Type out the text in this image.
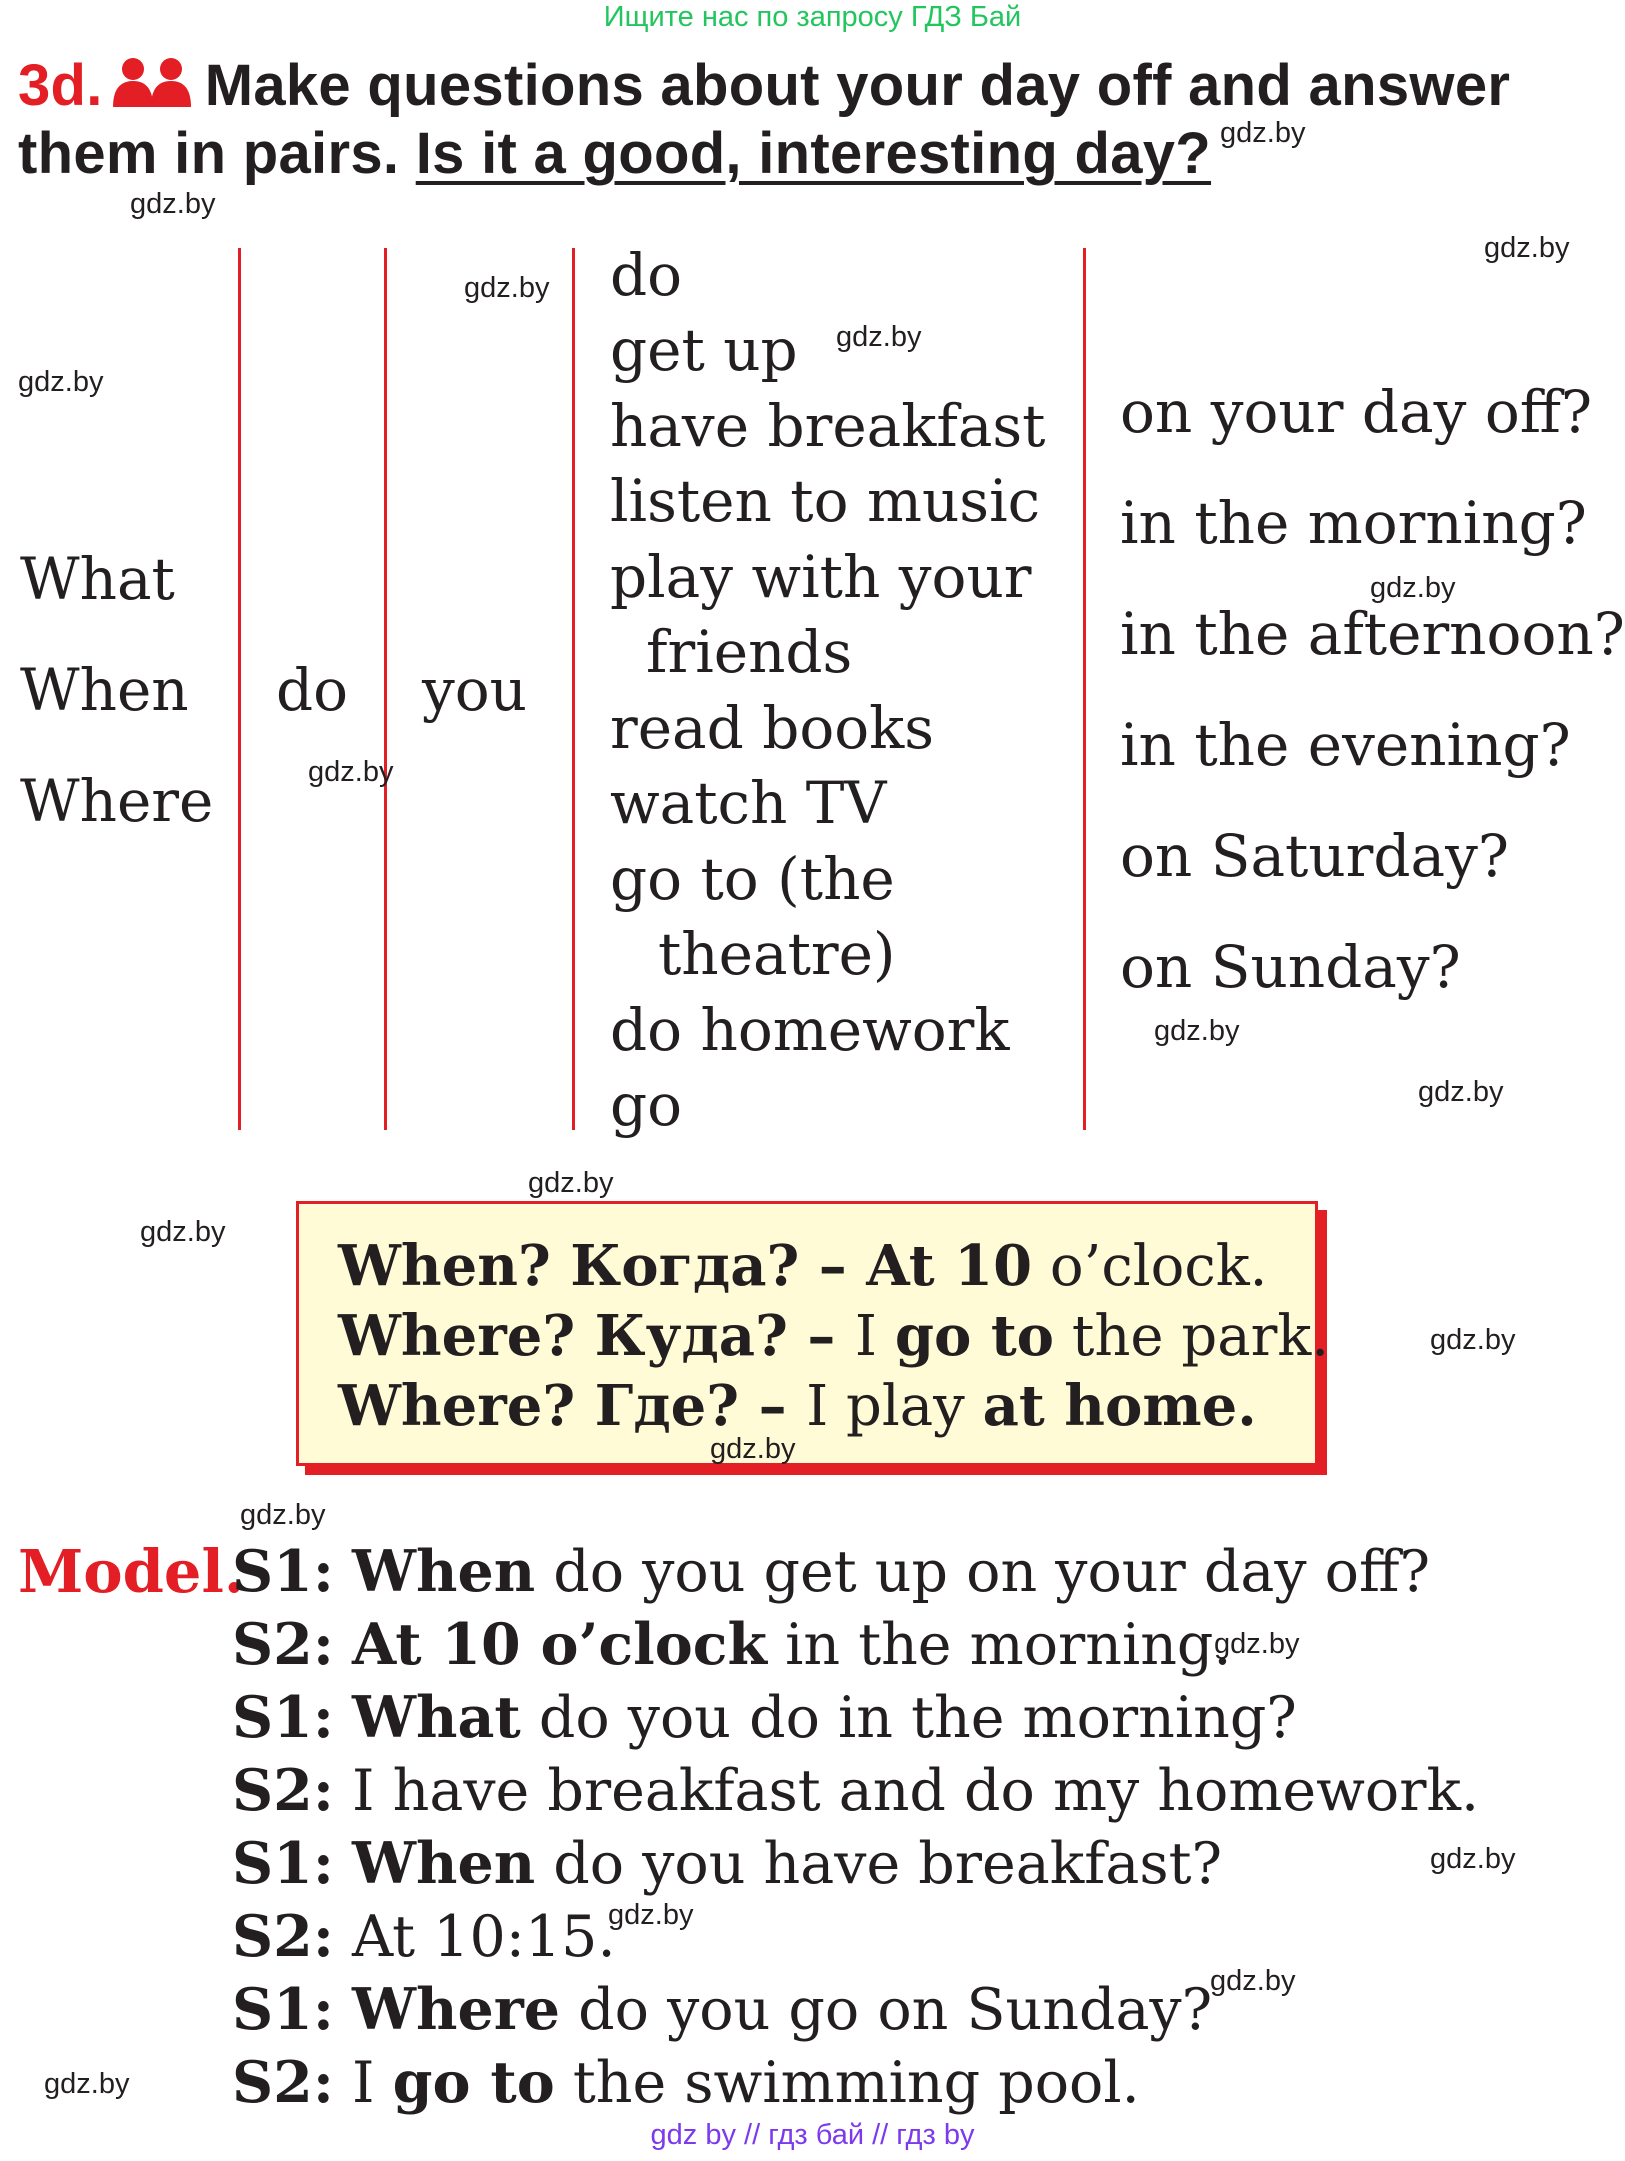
Ищите нас по запросу ГДЗ Бай
3d. Make questions about your day off and answer
them in pairs. Is it a good, interesting day?
What
When
Where
do you
do
get up
have breakfast
listen to music
play with your
friends
read books
watch TV
go to (the
theatre)
do homework
go
on your day off?
in the morning?
in the afternoon?
in the evening?
on Saturday?
on Sunday?
When? Когда? – At 10 o’clock.
Where? Куда? – I go to the park.
Where? Где? – I play at home.
Model.
S1: When do you get up on your day off?
S2: At 10 o’clock in the morning.
S1: What do you do in the morning?
S2: I have breakfast and do my homework.
S1: When do you have breakfast?
S2: At 10:15.
S1: Where do you go on Sunday?
S2: I go to the swimming pool.
gdz.by
gdz.by
gdz.by
gdz.by
gdz.by
gdz.by
gdz.by
gdz.by
gdz.by
gdz.by
gdz.by
gdz.by
gdz.by
gdz.by
gdz.by
gdz.by
gdz.by
gdz.by
gdz.by
gdz.by
gdz by // гдз бай // гдз by
